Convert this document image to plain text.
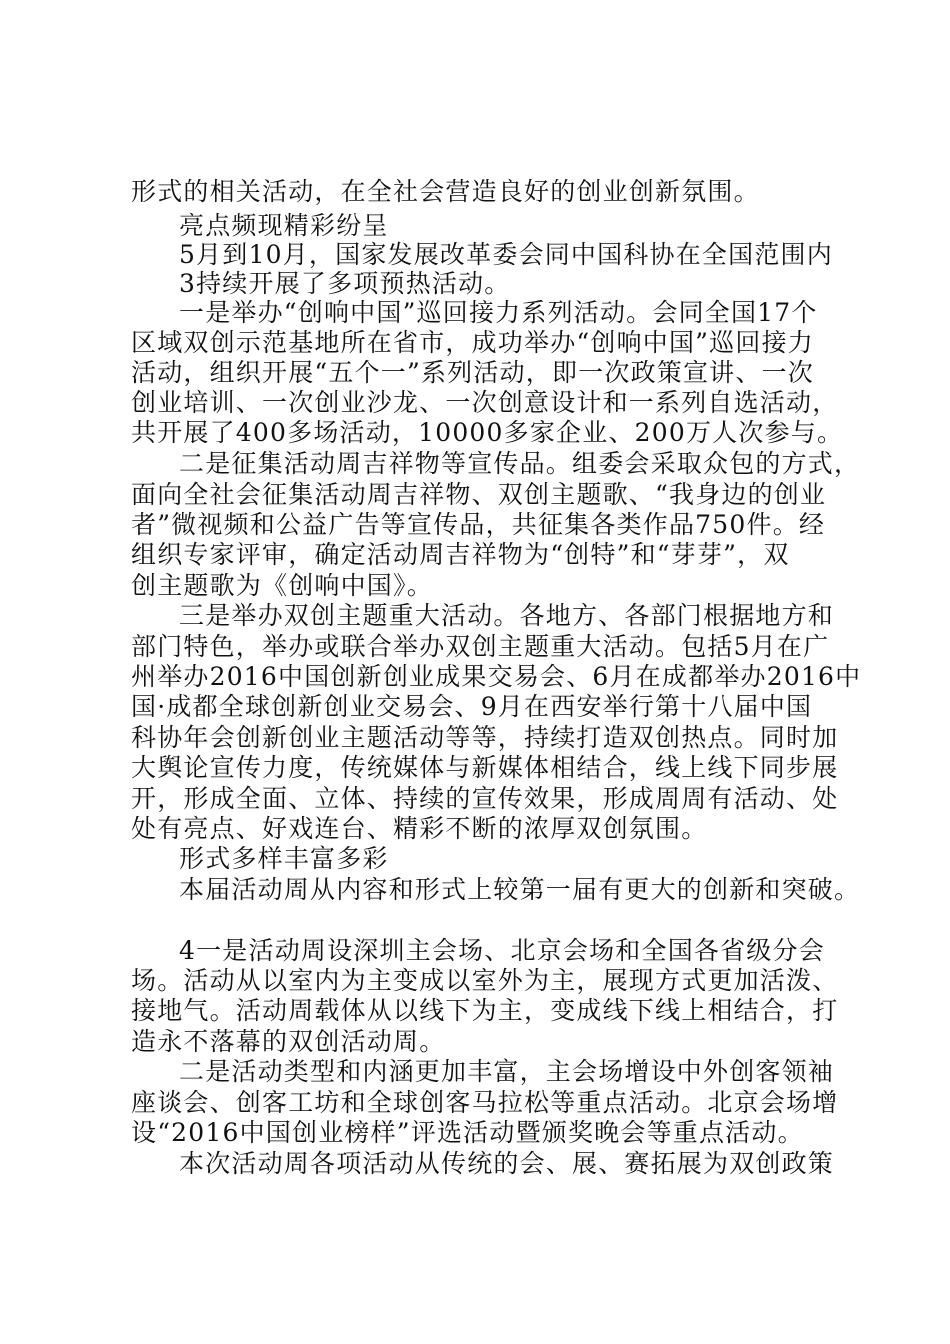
形式的相关活动，在全社会营造良好的创业创新氛围。
亮点频现精彩纷呈
5月到10月，国家发展改革委会同中国科协在全国范围内
3持续开展了多项预热活动。
一是举办“创响中国”巡回接力系列活动。会同全国17个
区域双创示范基地所在省市，成功举办“创响中国”巡回接力
活动，组织开展“五个一”系列活动，即一次政策宣讲、一次
创业培训、一次创业沙龙、一次创意设计和一系列自选活动，
共开展了400多场活动，10000多家企业、200万人次参与。
二是征集活动周吉祥物等宣传品。组委会采取众包的方式，
面向全社会征集活动周吉祥物、双创主题歌、“我身边的创业
者”微视频和公益广告等宣传品，共征集各类作品750件。经
组织专家评审，确定活动周吉祥物为“创特”和“芽芽”，双
创主题歌为《创响中国》。
三是举办双创主题重大活动。各地方、各部门根据地方和
部门特色，举办或联合举办双创主题重大活动。包括5月在广
州举办2016中国创新创业成果交易会、6月在成都举办2016中
国·成都全球创新创业交易会、9月在西安举行第十八届中国
科协年会创新创业主题活动等等，持续打造双创热点。同时加
大舆论宣传力度，传统媒体与新媒体相结合，线上线下同步展
开，形成全面、立体、持续的宣传效果，形成周周有活动、处
处有亮点、好戏连台、精彩不断的浓厚双创氛围。
形式多样丰富多彩
本届活动周从内容和形式上较第一届有更大的创新和突破。
4一是活动周设深圳主会场、北京会场和全国各省级分会
场。活动从以室内为主变成以室外为主，展现方式更加活泼、
接地气。活动周载体从以线下为主，变成线下线上相结合，打
造永不落幕的双创活动周。
二是活动类型和内涵更加丰富，主会场增设中外创客领袖
座谈会、创客工坊和全球创客马拉松等重点活动。北京会场增
设“2016中国创业榜样”评选活动暨颁奖晚会等重点活动。
本次活动周各项活动从传统的会、展、赛拓展为双创政策
